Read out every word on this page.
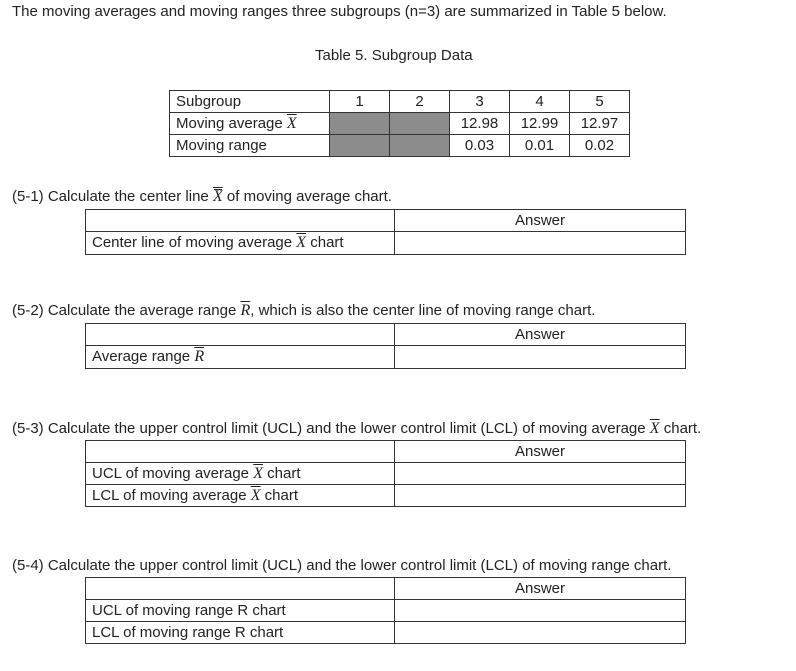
The moving averages and moving ranges three subgroups (n=3) are summarized in Table 5 below.
Table 5. Subgroup Data
Subgroup	1	2	3	4	5
Moving average $\overline{X}$			12.98	12.99	12.97
Moving range			0.03	0.01	0.02
(5-1) Calculate the center line $\overline{X}$ of moving average chart.
	Answer
Center line of moving average $\overline{X}$ chart	
(5-2) Calculate the average range $\overline{R}$, which is also the center line of moving range chart.
	Answer
Average range $\overline{R}$	
(5-3) Calculate the upper control limit (UCL) and the lower control limit (LCL) of moving average $\overline{X}$ chart.
	Answer
UCL of moving average $\overline{X}$ chart	
LCL of moving average $\overline{X}$ chart	
(5-4) Calculate the upper control limit (UCL) and the lower control limit (LCL) of moving range chart.
	Answer
UCL of moving range R chart	
LCL of moving range R chart	
